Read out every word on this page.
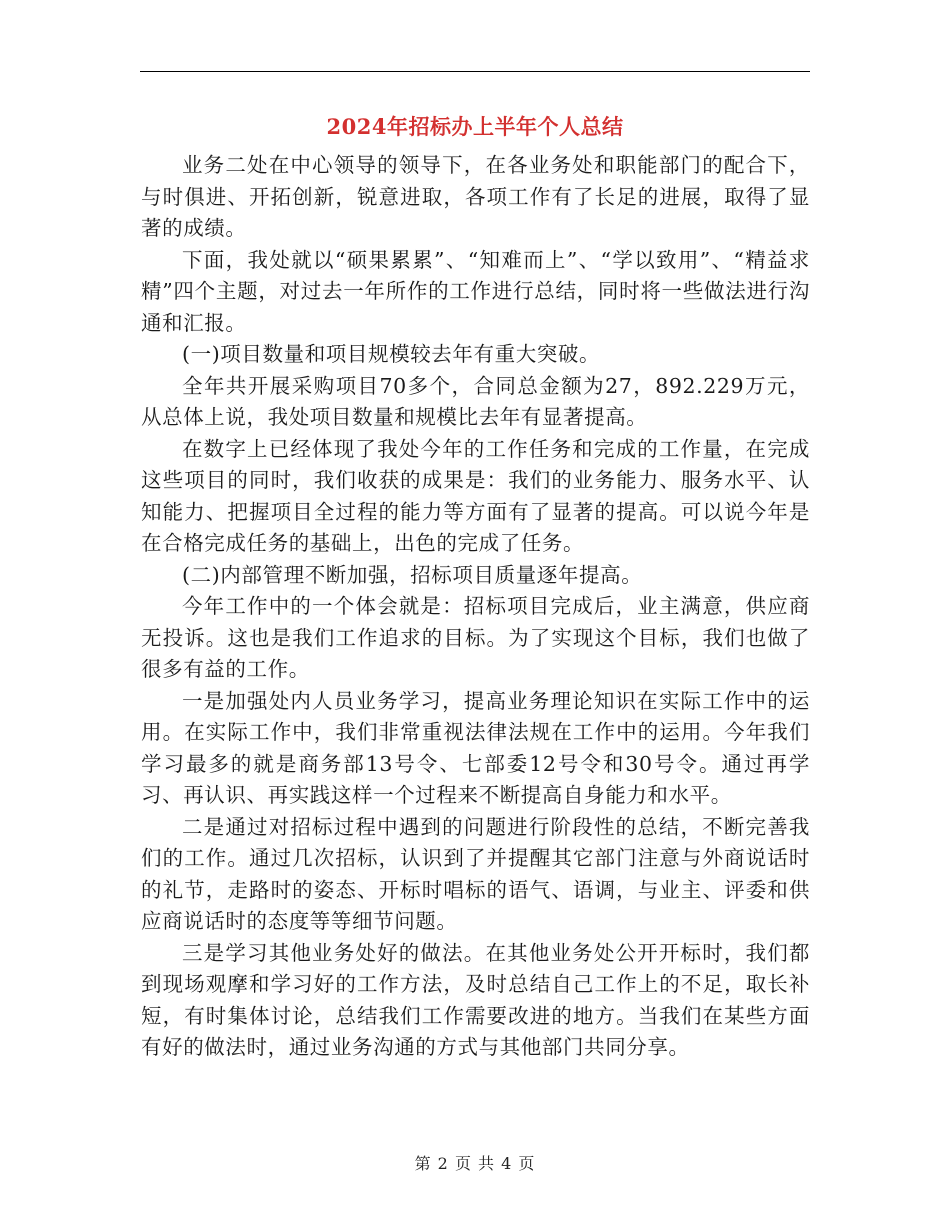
2024年招标办上半年个人总结

业务二处在中心领导的领导下，在各业务处和职能部门的配合下，与时俱进、开拓创新，锐意进取，各项工作有了长足的进展，取得了显著的成绩。

下面，我处就以“硕果累累”、“知难而上”、“学以致用”、“精益求精”四个主题，对过去一年所作的工作进行总结，同时将一些做法进行沟通和汇报。

(一)项目数量和项目规模较去年有重大突破。

全年共开展采购项目70多个，合同总金额为27，892.229万元，从总体上说，我处项目数量和规模比去年有显著提高。

在数字上已经体现了我处今年的工作任务和完成的工作量，在完成这些项目的同时，我们收获的成果是：我们的业务能力、服务水平、认知能力、把握项目全过程的能力等方面有了显著的提高。可以说今年是在合格完成任务的基础上，出色的完成了任务。

(二)内部管理不断加强，招标项目质量逐年提高。

今年工作中的一个体会就是：招标项目完成后，业主满意，供应商无投诉。这也是我们工作追求的目标。为了实现这个目标，我们也做了很多有益的工作。

一是加强处内人员业务学习，提高业务理论知识在实际工作中的运用。在实际工作中，我们非常重视法律法规在工作中的运用。今年我们学习最多的就是商务部13号令、七部委12号令和30号令。通过再学习、再认识、再实践这样一个过程来不断提高自身能力和水平。

二是通过对招标过程中遇到的问题进行阶段性的总结，不断完善我们的工作。通过几次招标，认识到了并提醒其它部门注意与外商说话时的礼节，走路时的姿态、开标时唱标的语气、语调，与业主、评委和供应商说话时的态度等等细节问题。

三是学习其他业务处好的做法。在其他业务处公开开标时，我们都到现场观摩和学习好的工作方法，及时总结自己工作上的不足，取长补短，有时集体讨论，总结我们工作需要改进的地方。当我们在某些方面有好的做法时，通过业务沟通的方式与其他部门共同分享。

第 2 页 共 4 页
